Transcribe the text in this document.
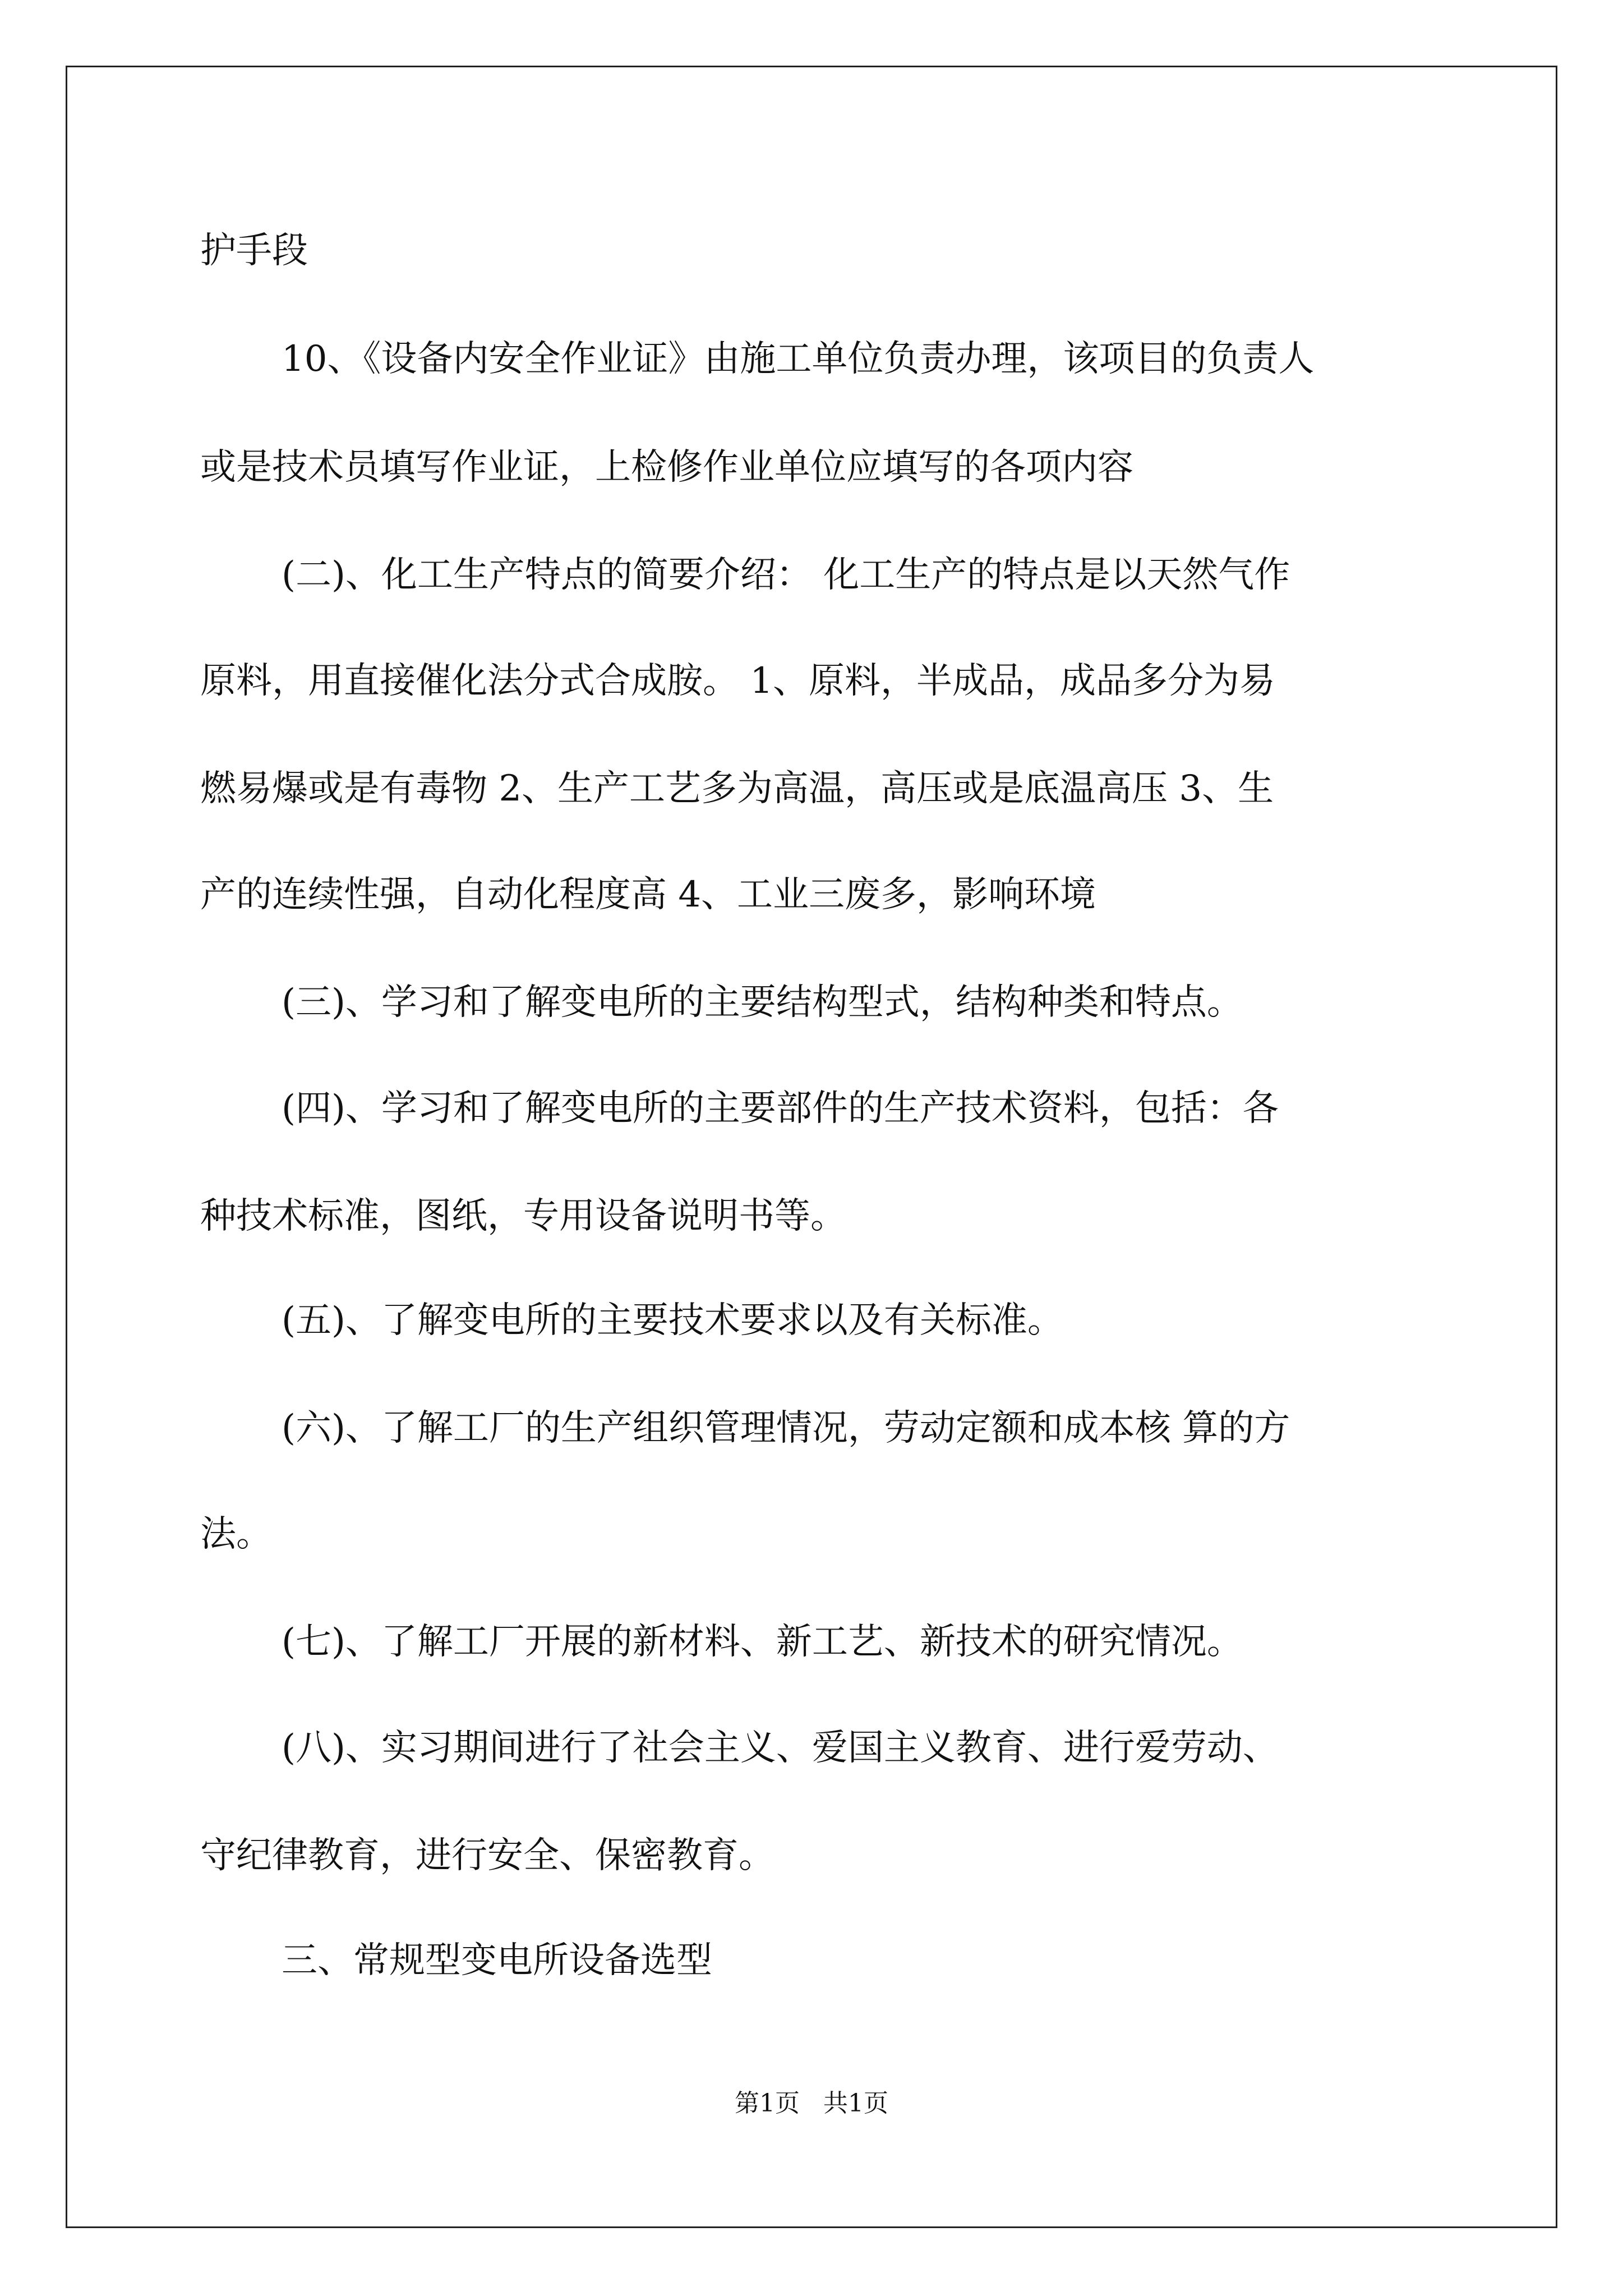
护手段
10、《设备内安全作业证》由施工单位负责办理，该项目的负责人
或是技术员填写作业证，上检修作业单位应填写的各项内容
(二)、化工生产特点的简要介绍： 化工生产的特点是以天然气作
原料，用直接催化法分式合成胺。 1、原料，半成品，成品多分为易
燃易爆或是有毒物 2、生产工艺多为高温，高压或是底温高压 3、生
产的连续性强，自动化程度高 4、工业三废多，影响环境
(三)、学习和了解变电所的主要结构型式，结构种类和特点。
(四)、学习和了解变电所的主要部件的生产技术资料，包括：各
种技术标准，图纸，专用设备说明书等。
(五)、了解变电所的主要技术要求以及有关标准。
(六)、了解工厂的生产组织管理情况，劳动定额和成本核 算的方
法。
(七)、了解工厂开展的新材料、新工艺、新技术的研究情况。
(八)、实习期间进行了社会主义、爱国主义教育、进行爱劳动、
守纪律教育，进行安全、保密教育。
三、常规型变电所设备选型
第1页   共1页
